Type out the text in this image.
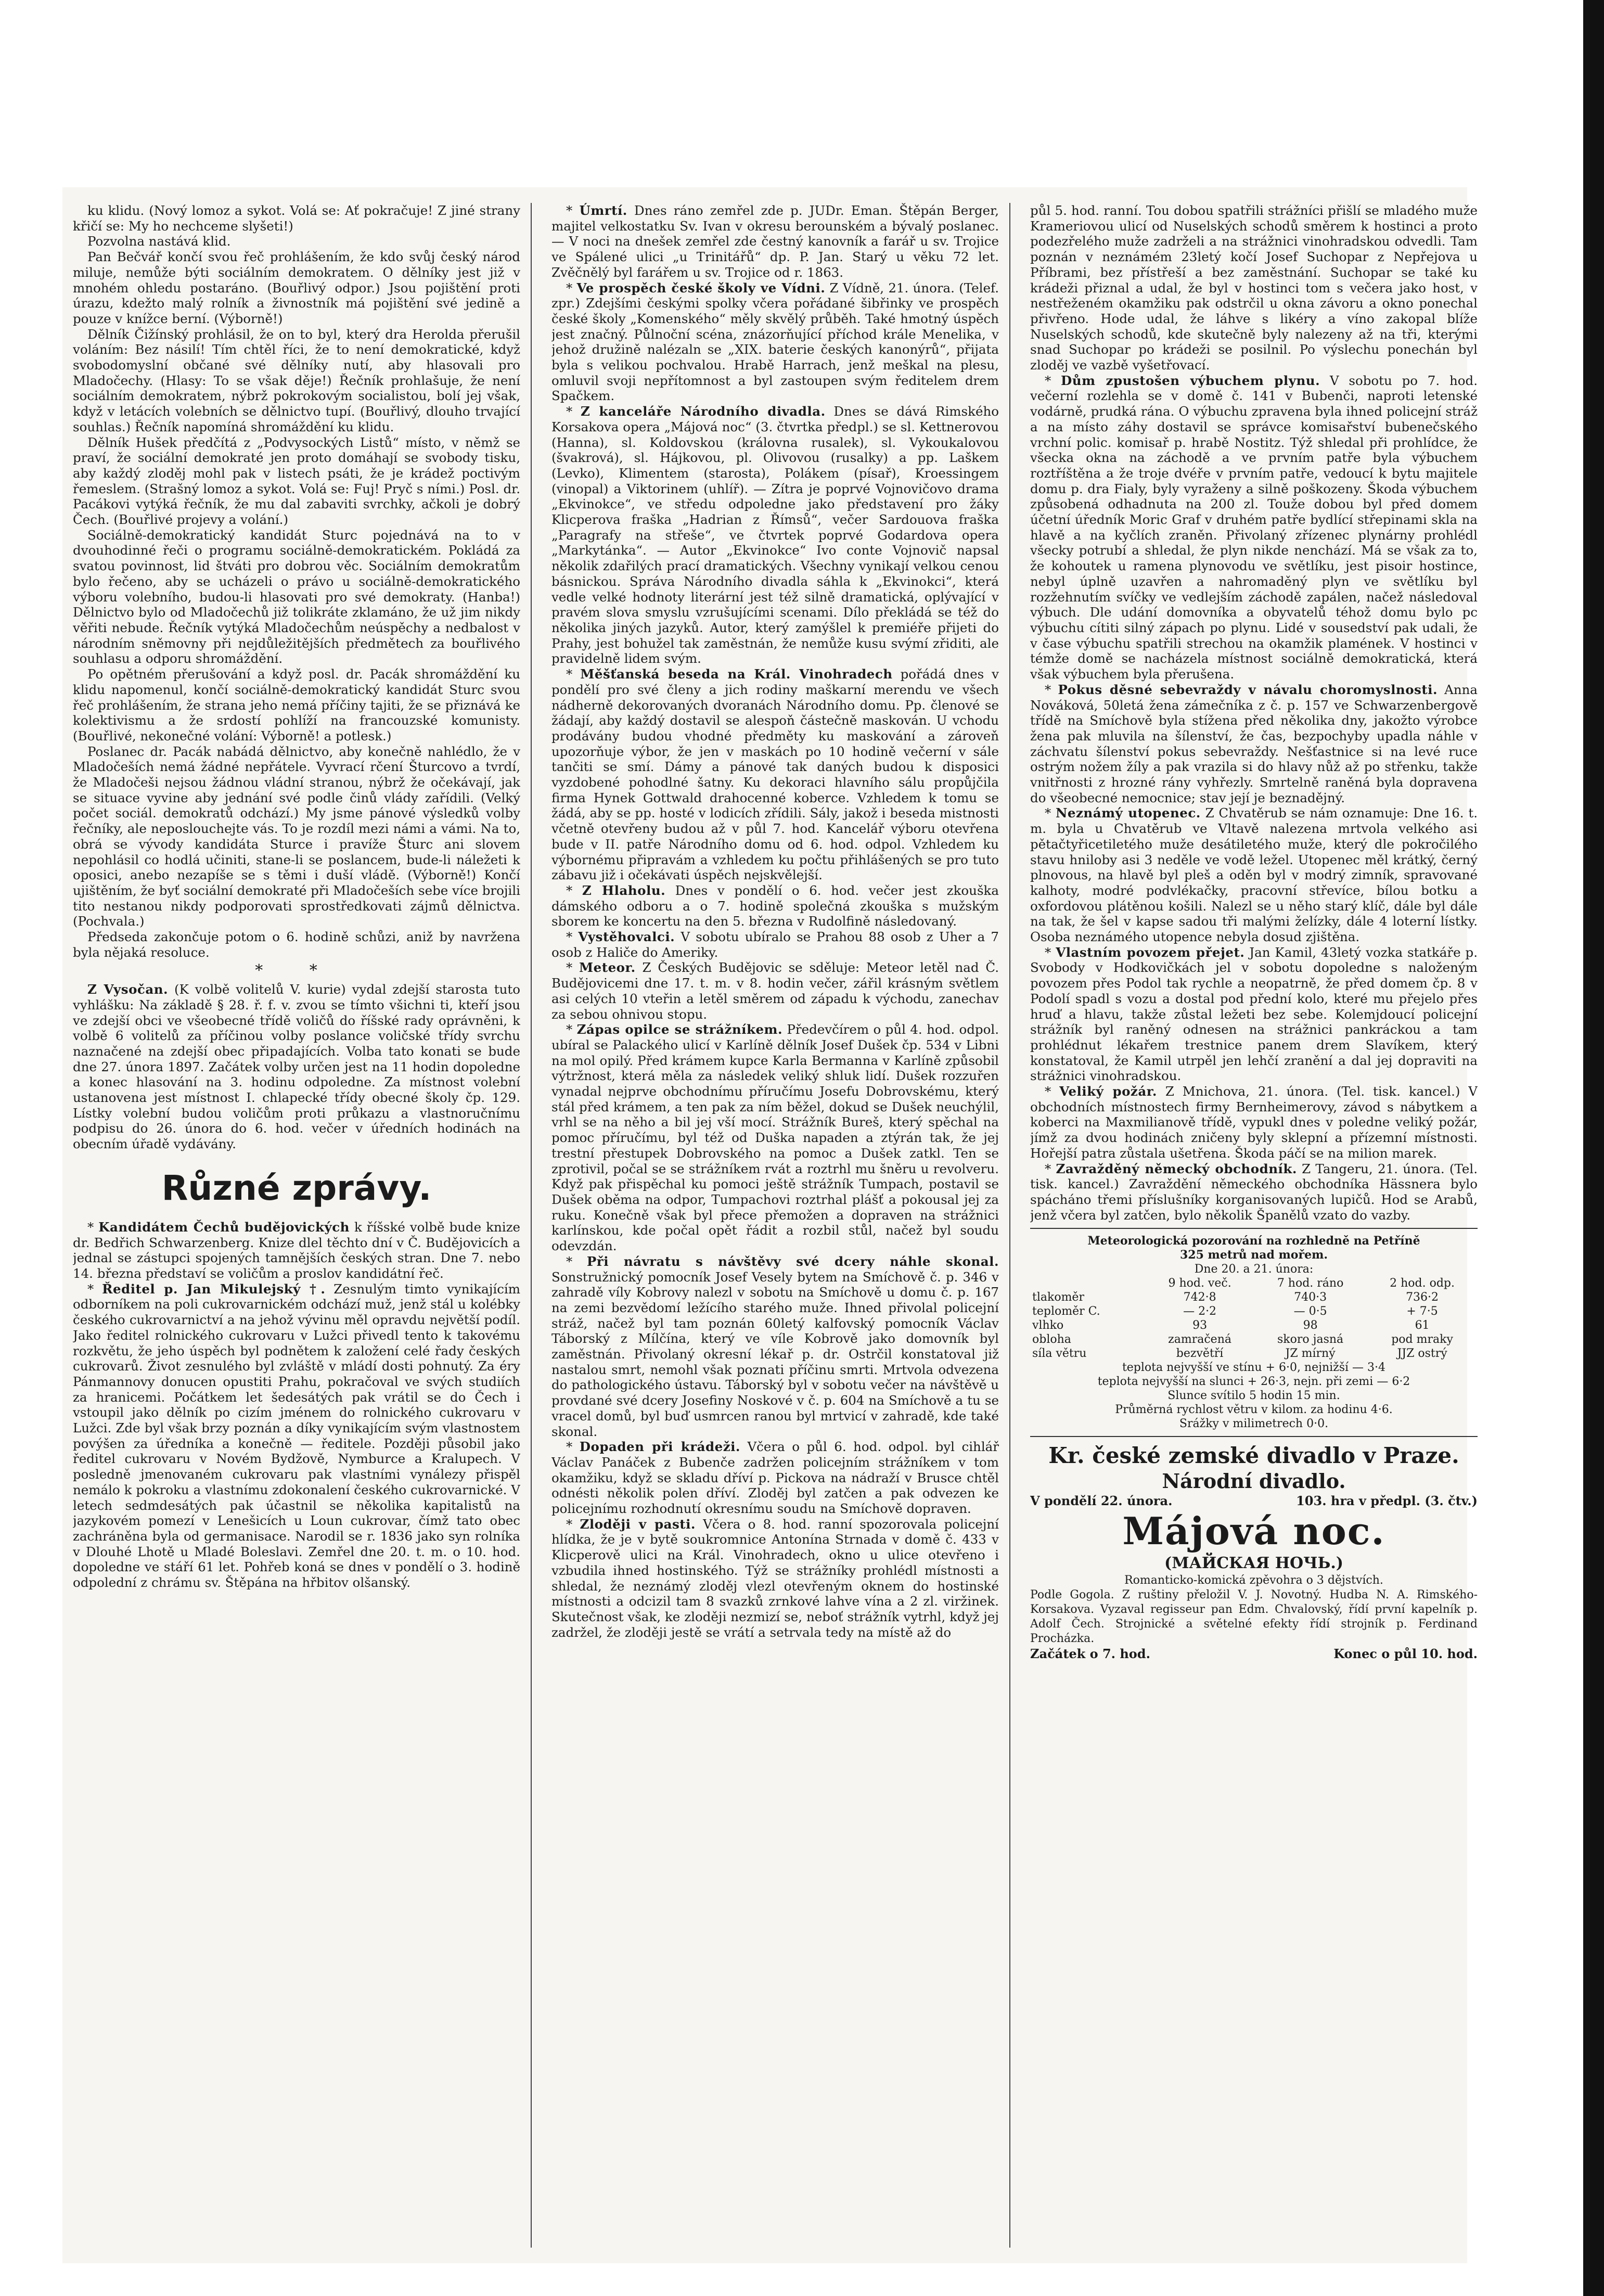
ku klidu. (Nový lomoz a sykot. Volá se: Ať pokračuje! Z jiné strany křičí se: My ho nechceme slyšeti!)

Pozvolna nastává klid.

Pan Bečvář končí svou řeč prohlášením, že kdo svůj český národ miluje, nemůže býti sociálním demokratem. O dělníky jest již v mnohém ohledu postaráno. (Bouřlivý odpor.) Jsou pojištění proti úrazu, kdežto malý rolník a živnostník má pojištění své jedině a pouze v knížce berní. (Výborně!)

Dělník Čižínský prohlásil, že on to byl, který dra Herolda přerušil voláním: Bez násilí! Tím chtěl říci, že to není demokratické, když svobodomyslní občané své dělníky nutí, aby hlasovali pro Mladočechy. (Hlasy: To se však děje!) Řečník prohlašuje, že není sociálním demokratem, nýbrž pokrokovým socialistou, bolí jej však, když v letácích volebních se dělnictvo tupí. (Bouřlivý, dlouho trvající souhlas.) Řečník napomíná shromáždění ku klidu.

Dělník Hušek předčítá z „Podvysockých Listů“ místo, v němž se praví, že sociální demokraté jen proto domáhají se svobody tisku, aby každý zloděj mohl pak v listech psáti, že je krádež poctivým řemeslem. (Strašný lomoz a sykot. Volá se: Fuj! Pryč s ními.) Posl. dr. Pacákovi vytýká řečník, že mu dal zabaviti svrchky, ačkoli je dobrý Čech. (Bouřlivé projevy a volání.)

Sociálně-demokratický kandidát Sturc pojednává na to v dvouhodinné řeči o programu sociálně-demokratickém. Pokládá za svatou povinnost, lid štváti pro dobrou věc. Sociálním demokratům bylo řečeno, aby se ucházeli o právo u sociálně-demokratického výboru volebního, budou-li hlasovati pro své demokraty. (Hanba!) Dělnictvo bylo od Mladočechů již tolikráte zklamáno, že už jim nikdy věřiti nebude. Řečník vytýká Mladočechům neúspěchy a nedbalost v národním sněmovny při nejdůležitějších předmětech za bouřlivého souhlasu a odporu shromáždění.

Po opětném přerušování a když posl. dr. Pacák shromáždění ku klidu napomenul, končí sociálně-demokratický kandidát Sturc svou řeč prohlášením, že strana jeho nemá příčiny tajiti, že se přiznává ke kolektivismu a že srdostí pohlíží na francouzské komunisty. (Bouřlivé, nekonečné volání: Výborně! a potlesk.)

Poslanec dr. Pacák nabádá dělnictvo, aby konečně nahlédlo, že v Mladočeších nemá žádné nepřátele. Vyvrací rčení Šturcovo a tvrdí, že Mladočeši nejsou žádnou vládní stranou, nýbrž že očekávají, jak se situace vyvine aby jednání své podle činů vlády zařídili. (Velký počet sociál. demokratů odchází.) My jsme pánové výsledků volby řečníky, ale neposlouchejte vás. To je rozdíl mezi námi a vámi. Na to, obrá se vývody kandidáta Sturce i pravíže Šturc ani slovem nepohlásil co hodlá učiniti, stane-li se poslancem, bude-li náležeti k oposici, anebo nezapíše se s těmi i duší vládě. (Výborně!) Končí ujištěním, že byť sociální demokraté při Mladočeších sebe více brojili tito nestanou nikdy podporovati sprostředkovati zájmů dělnictva. (Pochvala.)

Předseda zakončuje potom o 6. hodině schůzi, aniž by navržena byla nějaká resoluce.

* *

Z Vysočan. (K volbě volitelů V. kurie) vydal zdejší starosta tuto vyhlášku: Na základě § 28. ř. f. v. zvou se tímto všichni ti, kteří jsou ve zdejší obci ve všeobecné třídě voličů do říšské rady oprávněni, k volbě 6 volitelů za příčinou volby poslance voličské třídy svrchu naznačené na zdejší obec připadajících. Volba tato konati se bude dne 27. února 1897. Začátek volby určen jest na 11 hodin dopoledne a konec hlasování na 3. hodinu odpoledne. Za místnost volební ustanovena jest místnost I. chlapecké třídy obecné školy čp. 129. Lístky volební budou voličům proti průkazu a vlastnoručnímu podpisu do 26. února do 6. hod. večer v úředních hodinách na obecním úřadě vydávány.

Různé zprávy.

* Kandidátem Čechů budějovických k říšské volbě bude knize dr. Bedřich Schwarzenberg. Knize dlel těchto dní v Č. Budějovicích a jednal se zástupci spojených tamnějších českých stran. Dne 7. nebo 14. března představí se voličům a proslov kandidátní řeč.

* Ředitel p. Jan Mikulejský †. Zesnulým timto vynikajícím odborníkem na poli cukrovarnickém odchází muž, jenž stál u kolébky českého cukrovarnictví a na jehož vývinu měl opravdu největší podíl. Jako ředitel rolnického cukrovaru v Lužci přivedl tento k takovému rozkvětu, že jeho úspěch byl podnětem k založení celé řady českých cukrovarů. Život zesnulého byl zvláště v mládí dosti pohnutý. Za éry Pánmannovy donucen opustiti Prahu, pokračoval ve svých studiích za hranicemi. Počátkem let šedesátých pak vrátil se do Čech i vstoupil jako dělník po cizím jménem do rolnického cukrovaru v Lužci. Zde byl však brzy poznán a díky vynikajícím svým vlastnostem povýšen za úředníka a konečně — ředitele. Později působil jako ředitel cukrovaru v Novém Bydžově, Nymburce a Kralupech. V posledně jmenovaném cukrovaru pak vlastními vynálezy přispěl nemálo k pokroku a vlastnímu zdokonalení českého cukrovarnické. V letech sedmdesátých pak účastnil se několika kapitalistů na jazykovém pomezí v Lenešicích u Loun cukrovar, čímž tato obec zachráněna byla od germanisace. Narodil se r. 1836 jako syn rolníka v Dlouhé Lhotě u Mladé Boleslavi. Zemřel dne 20. t. m. o 10. hod. dopoledne ve stáří 61 let. Pohřeb koná se dnes v pondělí o 3. hodině odpolední z chrámu sv. Štěpána na hřbitov olšanský.

* Úmrtí. Dnes ráno zemřel zde p. JUDr. Eman. Štěpán Berger, majitel velkostatku Sv. Ivan v okresu berounském a bývalý poslanec. — V noci na dnešek zemřel zde čestný kanovník a farář u sv. Trojice ve Spálené ulici „u Trinitářů“ dp. P. Jan. Starý u věku 72 let. Zvěčnělý byl farářem u sv. Trojice od r. 1863.

* Ve prospěch české školy ve Vídni. Z Vídně, 21. února. (Telef. zpr.) Zdejšími českými spolky včera pořádané šibřinky ve prospěch české školy „Komenského“ měly skvělý průběh. Také hmotný úspěch jest značný. Půlnoční scéna, znázorňující příchod krále Menelika, v jehož družině nalézaln se „XIX. baterie českých kanonýrů“, přijata byla s velikou pochvalou. Hrabě Harrach, jenž meškal na plesu, omluvil svoji nepřítomnost a byl zastoupen svým ředitelem drem Spačkem.

* Z kanceláře Národního divadla. Dnes se dává Rimského Korsakova opera „Májová noc“ (3. čtvrtka předpl.) se sl. Kettnerovou (Hanna), sl. Koldovskou (královna rusalek), sl. Vykoukalovou (švakrová), sl. Hájkovou, pl. Olivovou (rusalky) a pp. Laškem (Levko), Klimentem (starosta), Polákem (písař), Kroessingem (vinopal) a Viktorinem (uhlíř). — Zítra je poprvé Vojnovičovo drama „Ekvinokce“, ve středu odpoledne jako představení pro žáky Klicperova fraška „Hadrian z Římsů“, večer Sardouova fraška „Paragrafy na střeše“, ve čtvrtek poprvé Godardova opera „Markytánka“. — Autor „Ekvinokce“ Ivo conte Vojnovič napsal několik zdařilých prací dramatických. Všechny vynikají velkou cenou básnickou. Správa Národního divadla sáhla k „Ekvinokci“, která vedle velké hodnoty literární jest též silně dramatická, oplývající v pravém slova smyslu vzrušujícími scenami. Dílo překládá se též do několika jiných jazyků. Autor, který zamýšlel k premiéře přijeti do Prahy, jest bohužel tak zaměstnán, že nemůže kusu svýmí zřiditi, ale pravidelně lidem svým.

* Měšťanská beseda na Král. Vinohradech pořádá dnes v pondělí pro své členy a jich rodiny maškarní merendu ve všech nádherně dekorovaných dvoranách Národního domu. Pp. členové se žádají, aby každý dostavil se alespoň částečně maskován. U vchodu prodávány budou vhodné předměty ku maskování a zároveň upozorňuje výbor, že jen v maskách po 10 hodině večerní v sále tančiti se smí. Dámy a pánové tak daných budou k disposici vyzdobené pohodlné šatny. Ku dekoraci hlavního sálu propůjčila firma Hynek Gottwald drahocenné koberce. Vzhledem k tomu se žádá, aby se pp. hosté v lodicích zřídili. Sály, jakož i beseda mistnosti včetně otevřeny budou až v půl 7. hod. Kancelář výboru otevřena bude v II. patře Národního domu od 6. hod. odpol. Vzhledem ku výbornému připravám a vzhledem ku počtu přihlášených se pro tuto zábavu již i očekávati úspěch nejskvělejší.

* Z Hlaholu. Dnes v pondělí o 6. hod. večer jest zkouška dámského odboru a o 7. hodině společná zkouška s mužským sborem ke koncertu na den 5. března v Rudolfině následovaný.

* Vystěhovalci. V sobotu ubíralo se Prahou 88 osob z Uher a 7 osob z Haliče do Ameriky.

* Meteor. Z Českých Budějovic se sděluje: Meteor letěl nad Č. Budějovicemi dne 17. t. m. v 8. hodin večer, zářil krásným světlem asi celých 10 vteřin a letěl směrem od západu k východu, zanechav za sebou ohnivou stopu.

* Zápas opilce se strážníkem. Předevčírem o půl 4. hod. odpol. ubíral se Palackého ulicí v Karlíně dělník Josef Dušek čp. 534 v Libni na mol opilý. Před krámem kupce Karla Bermanna v Karlíně způsobil výtržnost, která měla za následek veliký shluk lidí. Dušek rozzuřen vynadal nejprve obchodnímu příručímu Josefu Dobrovskému, který stál před krámem, a ten pak za ním běžel, dokud se Dušek neuchýlil, vrhl se na něho a bil jej vší mocí. Strážník Bureš, který spěchal na pomoc příručímu, byl též od Duška napaden a ztýrán tak, že jej trestní přestupek Dobrovského na pomoc a Dušek zatkl. Ten se zprotivil, počal se se strážníkem rvát a roztrhl mu šněru u revolveru. Když pak přispěchal ku pomoci ještě strážník Tumpach, postavil se Dušek oběma na odpor, Tumpachovi roztrhal plášť a pokousal jej za ruku. Konečně však byl přece přemožen a dopraven na strážnici karlínskou, kde počal opět řádit a rozbil stůl, načež byl soudu odevzdán.

* Při návratu s návštěvy své dcery náhle skonal. Sonstružnický pomocník Josef Vesely bytem na Smíchově č. p. 346 v zahradě víly Kobrovy nalezl v sobotu na Smíchově u domu č. p. 167 na zemi bezvědomí ležícího starého muže. Ihned přivolal policejní stráž, načež byl tam poznán 60letý kalfovský pomocník Václav Táborský z Mílčína, který ve víle Kobrově jako domovník byl zaměstnán. Přivolaný okresní lékař p. dr. Ostrčil konstatoval již nastalou smrt, nemohl však poznati příčinu smrti. Mrtvola odvezena do pathologického ústavu. Táborský byl v sobotu večer na návštěvě u provdané své dcery Josefiny Noskové v č. p. 604 na Smíchově a tu se vracel domů, byl buď usmrcen ranou byl mrtvicí v zahradě, kde také skonal.

* Dopaden při krádeži. Včera o půl 6. hod. odpol. byl cihlář Václav Panáček z Bubenče zadržen policejním strážníkem v tom okamžiku, když se skladu dříví p. Pickova na nádraží v Brusce chtěl odnésti několik polen dříví. Zloděj byl zatčen a pak odvezen ke policejnímu rozhodnutí okresnímu soudu na Smíchově dopraven.

* Zloději v pasti. Včera o 8. hod. ranní spozorovala policejní hlídka, že je v bytě soukromnice Antonína Strnada v domě č. 433 v Klicperově ulici na Král. Vinohradech, okno u ulice otevřeno i vzbudila ihned hostinského. Týž se strážníky prohlédl místnosti a shledal, že neznámý zloděj vlezl otevřeným oknem do hostinské místnosti a odcizil tam 8 svazků zrnkové lahve vína a 2 zl. viržinek. Skutečnost však, ke zloději nezmizí se, neboť strážník vytrhl, když jej zadržel, že zloději jestě se vrátí a setrvala tedy na místě až do

půl 5. hod. ranní. Tou dobou spatřili strážníci přišlí se mladého muže Krameriovou ulicí od Nuselských schodů směrem k hostinci a proto podezřelého muže zadrželi a na strážnici vinohradskou odvedli. Tam poznán v neznámém 23letý kočí Josef Suchopar z Nepřejova u Příbrami, bez přístřeší a bez zaměstnání. Suchopar se také ku krádeži přiznal a udal, že byl v hostinci tom s večera jako host, v nestřeženém okamžiku pak odstrčil u okna závoru a okno ponechal přivřeno. Hode udal, že láhve s likéry a víno zakopal blíže Nuselských schodů, kde skutečně byly nalezeny až na tři, kterými snad Suchopar po krádeži se posilnil. Po výslechu ponechán byl zloděj ve vazbě vyšetřovací.

* Dům zpustošen výbuchem plynu. V sobotu po 7. hod. večerní rozlehla se v domě č. 141 v Bubenči, naproti letenské vodárně, prudká rána. O výbuchu zpravena byla ihned policejní stráž a na místo záhy dostavil se správce komisařství bubenečského vrchní polic. komisař p. hrabě Nostitz. Týž shledal při prohlídce, že všecka okna na záchodě a ve prvním patře byla výbuchem roztříštěna a že troje dvéře v prvním patře, vedoucí k bytu majitele domu p. dra Fialy, byly vyraženy a silně poškozeny. Škoda výbuchem způsobená odhadnuta na 200 zl. Touže dobou byl před domem účetní úředník Moric Graf v druhém patře bydlící střepinami skla na hlavě a na kyčlích zraněn. Přivolaný zřízenec plynárny prohlédl všecky potrubí a shledal, že plyn nikde nenchází. Má se však za to, že kohoutek u ramena plynovodu ve světlíku, jest pisoir hostince, nebyl úplně uzavřen a nahromaděný plyn ve světlíku byl rozžehnutím svíčky ve vedlejším záchodě zapálen, načež následoval výbuch. Dle udání domovníka a obyvatelů téhož domu bylo pc výbuchu cítiti silný zápach po plynu. Lidé v sousedství pak udali, že v čase výbuchu spatřili strechou na okamžik plamének. V hostinci v témže domě se nacházela místnost sociálně demokratická, která však výbuchem byla přerušena.

* Pokus děsné sebevraždy v návalu choromyslnosti. Anna Nováková, 50letá žena zámečníka z č. p. 157 ve Schwarzenbergově třídě na Smíchově byla stížena před několika dny, jakožto výrobce žena pak mluvila na šílenství, že čas, bezpochyby upadla náhle v záchvatu šílenství pokus sebevraždy. Nešťastnice si na levé ruce ostrým nožem žíly a pak vrazila si do hlavy nůž až po střenku, takže vnitřnosti z hrozné rány vyhřezly. Smrtelně raněná byla dopravena do všeobecné nemocnice; stav její je beznadějný.

* Neznámý utopenec. Z Chvatěrub se nám oznamuje: Dne 16. t. m. byla u Chvatěrub ve Vltavě nalezena mrtvola velkého asi pětačtyřicetiletého muže desátiletého muže, který dle pokročilého stavu hniloby asi 3 neděle ve vodě ležel. Utopenec měl krátký, černý plnovous, na hlavě byl pleš a oděn byl v modrý zimník, spravované kalhoty, modré podvlékačky, pracovní střevíce, bílou botku a oxfordovou plátěnou košili. Nalezl se u něho starý klíč, dále byl dále na tak, že šel v kapse sadou tři malými želízky, dále 4 loterní lístky. Osoba neznámého utopence nebyla dosud zjištěna.

* Vlastním povozem přejet. Jan Kamil, 43letý vozka statkáře p. Svobody v Hodkovičkách jel v sobotu dopoledne s naloženým povozem přes Podol tak rychle a neopatrně, že před domem čp. 8 v Podolí spadl s vozu a dostal pod přední kolo, které mu přejelo přes hruď a hlavu, takže zůstal ležeti bez sebe. Kolemjdoucí policejní strážník byl raněný odnesen na strážnici pankráckou a tam prohlédnut lékařem trestnice panem drem Slavíkem, který konstatoval, že Kamil utrpěl jen lehčí zranění a dal jej dopraviti na strážnici vinohradskou.

* Veliký požár. Z Mnichova, 21. února. (Tel. tisk. kancel.) V obchodních místnostech firmy Bernheimerovy, závod s nábytkem a koberci na Maxmilianově třídě, vypukl dnes v poledne veliký požár, jímž za dvou hodinách zničeny byly sklepní a přízemní místnosti. Hořejší patra zůstala ušetřena. Škoda páčí se na milion marek.

* Zavražděný německý obchodník. Z Tangeru, 21. února. (Tel. tisk. kancel.) Zavraždění německého obchodníka Hässnera bylo spácháno třemi příslušníky korganisovaných lupičů. Hod se Arabů, jenž včera byl zatčen, bylo několik Španělů vzato do vazby.

Meteorologická pozorování na rozhledně na Petříně
325 metrů nad mořem.
Dne 20. a 21. února:
	9 hod. več.	7 hod. ráno	2 hod. odp.
tlakoměr	742·8	740·3	736·2
teploměr C.	— 2·2	— 0·5	+ 7·5
vlhko	93	98	61
obloha	zamračená	skoro jasná	pod mraky
síla větru	bezvětří	JZ mírný	JJZ ostrý
teplota nejvyšší ve stínu + 6·0, nejnižší — 3·4
teplota nejvyšší na slunci + 26·3, nejn. při zemi — 6·2
Slunce svítilo 5 hodin 15 min.
Průměrná rychlost větru v kilom. za hodinu 4·6.
Srážky v milimetrech 0·0.
Kr. české zemské divadlo v Praze.
Národní divadlo.
V pondělí 22. února.	103. hra v předpl. (3. čtv.)
Májová noc.
(МАЙСКАЯ НОЧЬ.)
Romanticko-komická zpěvohra o 3 dějstvích.
Podle Gogola. Z ruštiny přeložil V. J. Novotný. Hudba N. A. Rimského-Korsakova. Vyzaval regisseur pan Edm. Chvalovský, řídí první kapelník p. Adolf Čech. Strojnické a světelné efekty řídí strojník p. Ferdinand Procházka.
Začátek o 7. hod.	Konec o půl 10. hod.
